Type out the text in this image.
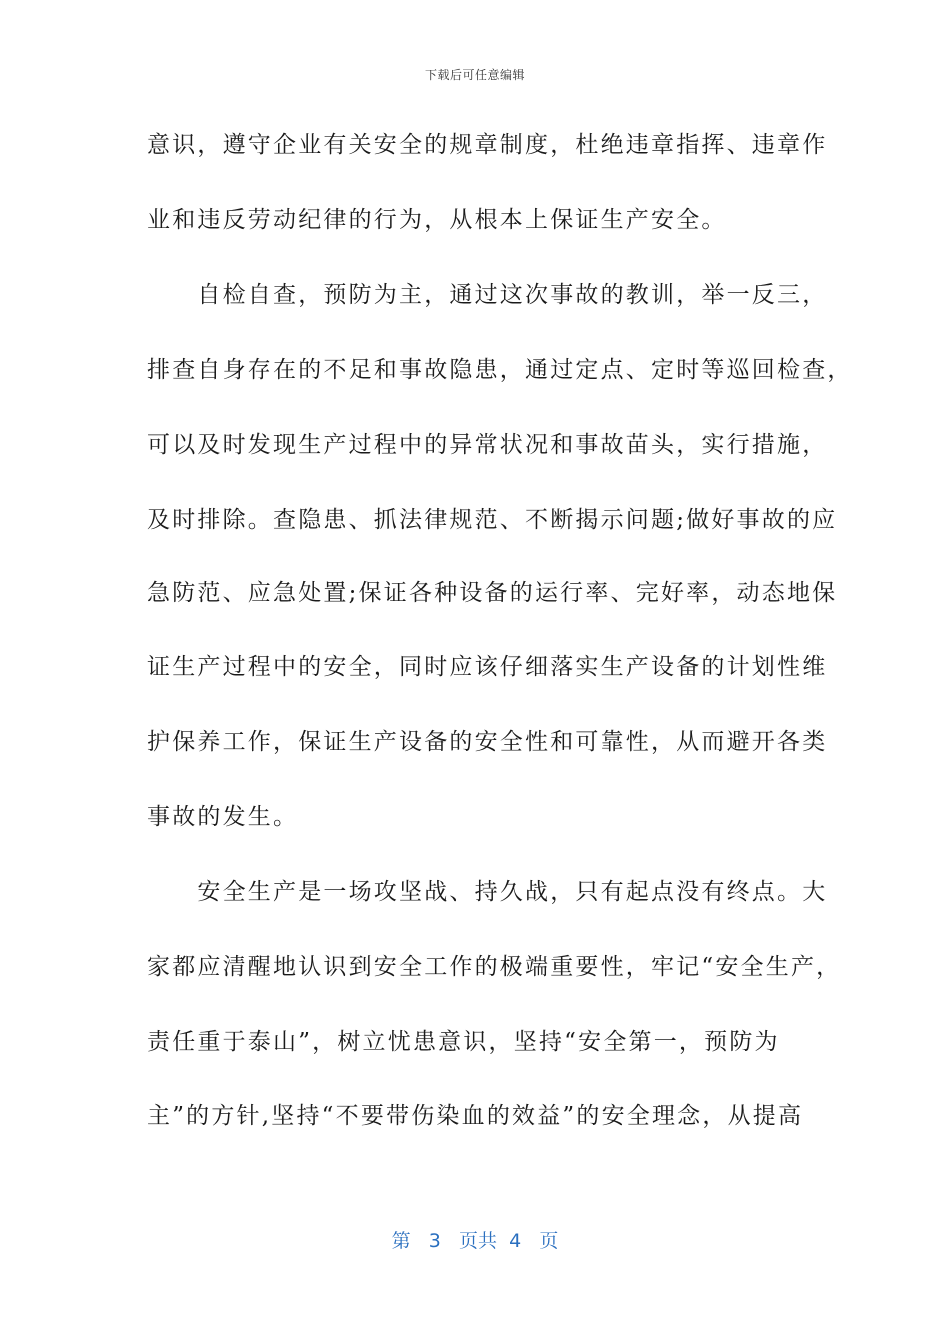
下载后可任意编辑
意识，遵守企业有关安全的规章制度，杜绝违章指挥、违章作
业和违反劳动纪律的行为，从根本上保证生产安全。
　　自检自查，预防为主，通过这次事故的教训，举一反三，
排查自身存在的不足和事故隐患，通过定点、定时等巡回检查，
可以及时发现生产过程中的异常状况和事故苗头，实行措施，
及时排除。查隐患、抓法律规范、不断揭示问题;做好事故的应
急防范、应急处置;保证各种设备的运行率、完好率，动态地保
证生产过程中的安全，同时应该仔细落实生产设备的计划性维
护保养工作，保证生产设备的安全性和可靠性，从而避开各类
事故的发生。
　　安全生产是一场攻坚战、持久战，只有起点没有终点。大
家都应清醒地认识到安全工作的极端重要性，牢记“安全生产，
责任重于泰山”，树立忧患意识，坚持“安全第一，预防为
主”的方针,坚持“不要带伤染血的效益”的安全理念，从提高
第 3 页共 4 页
